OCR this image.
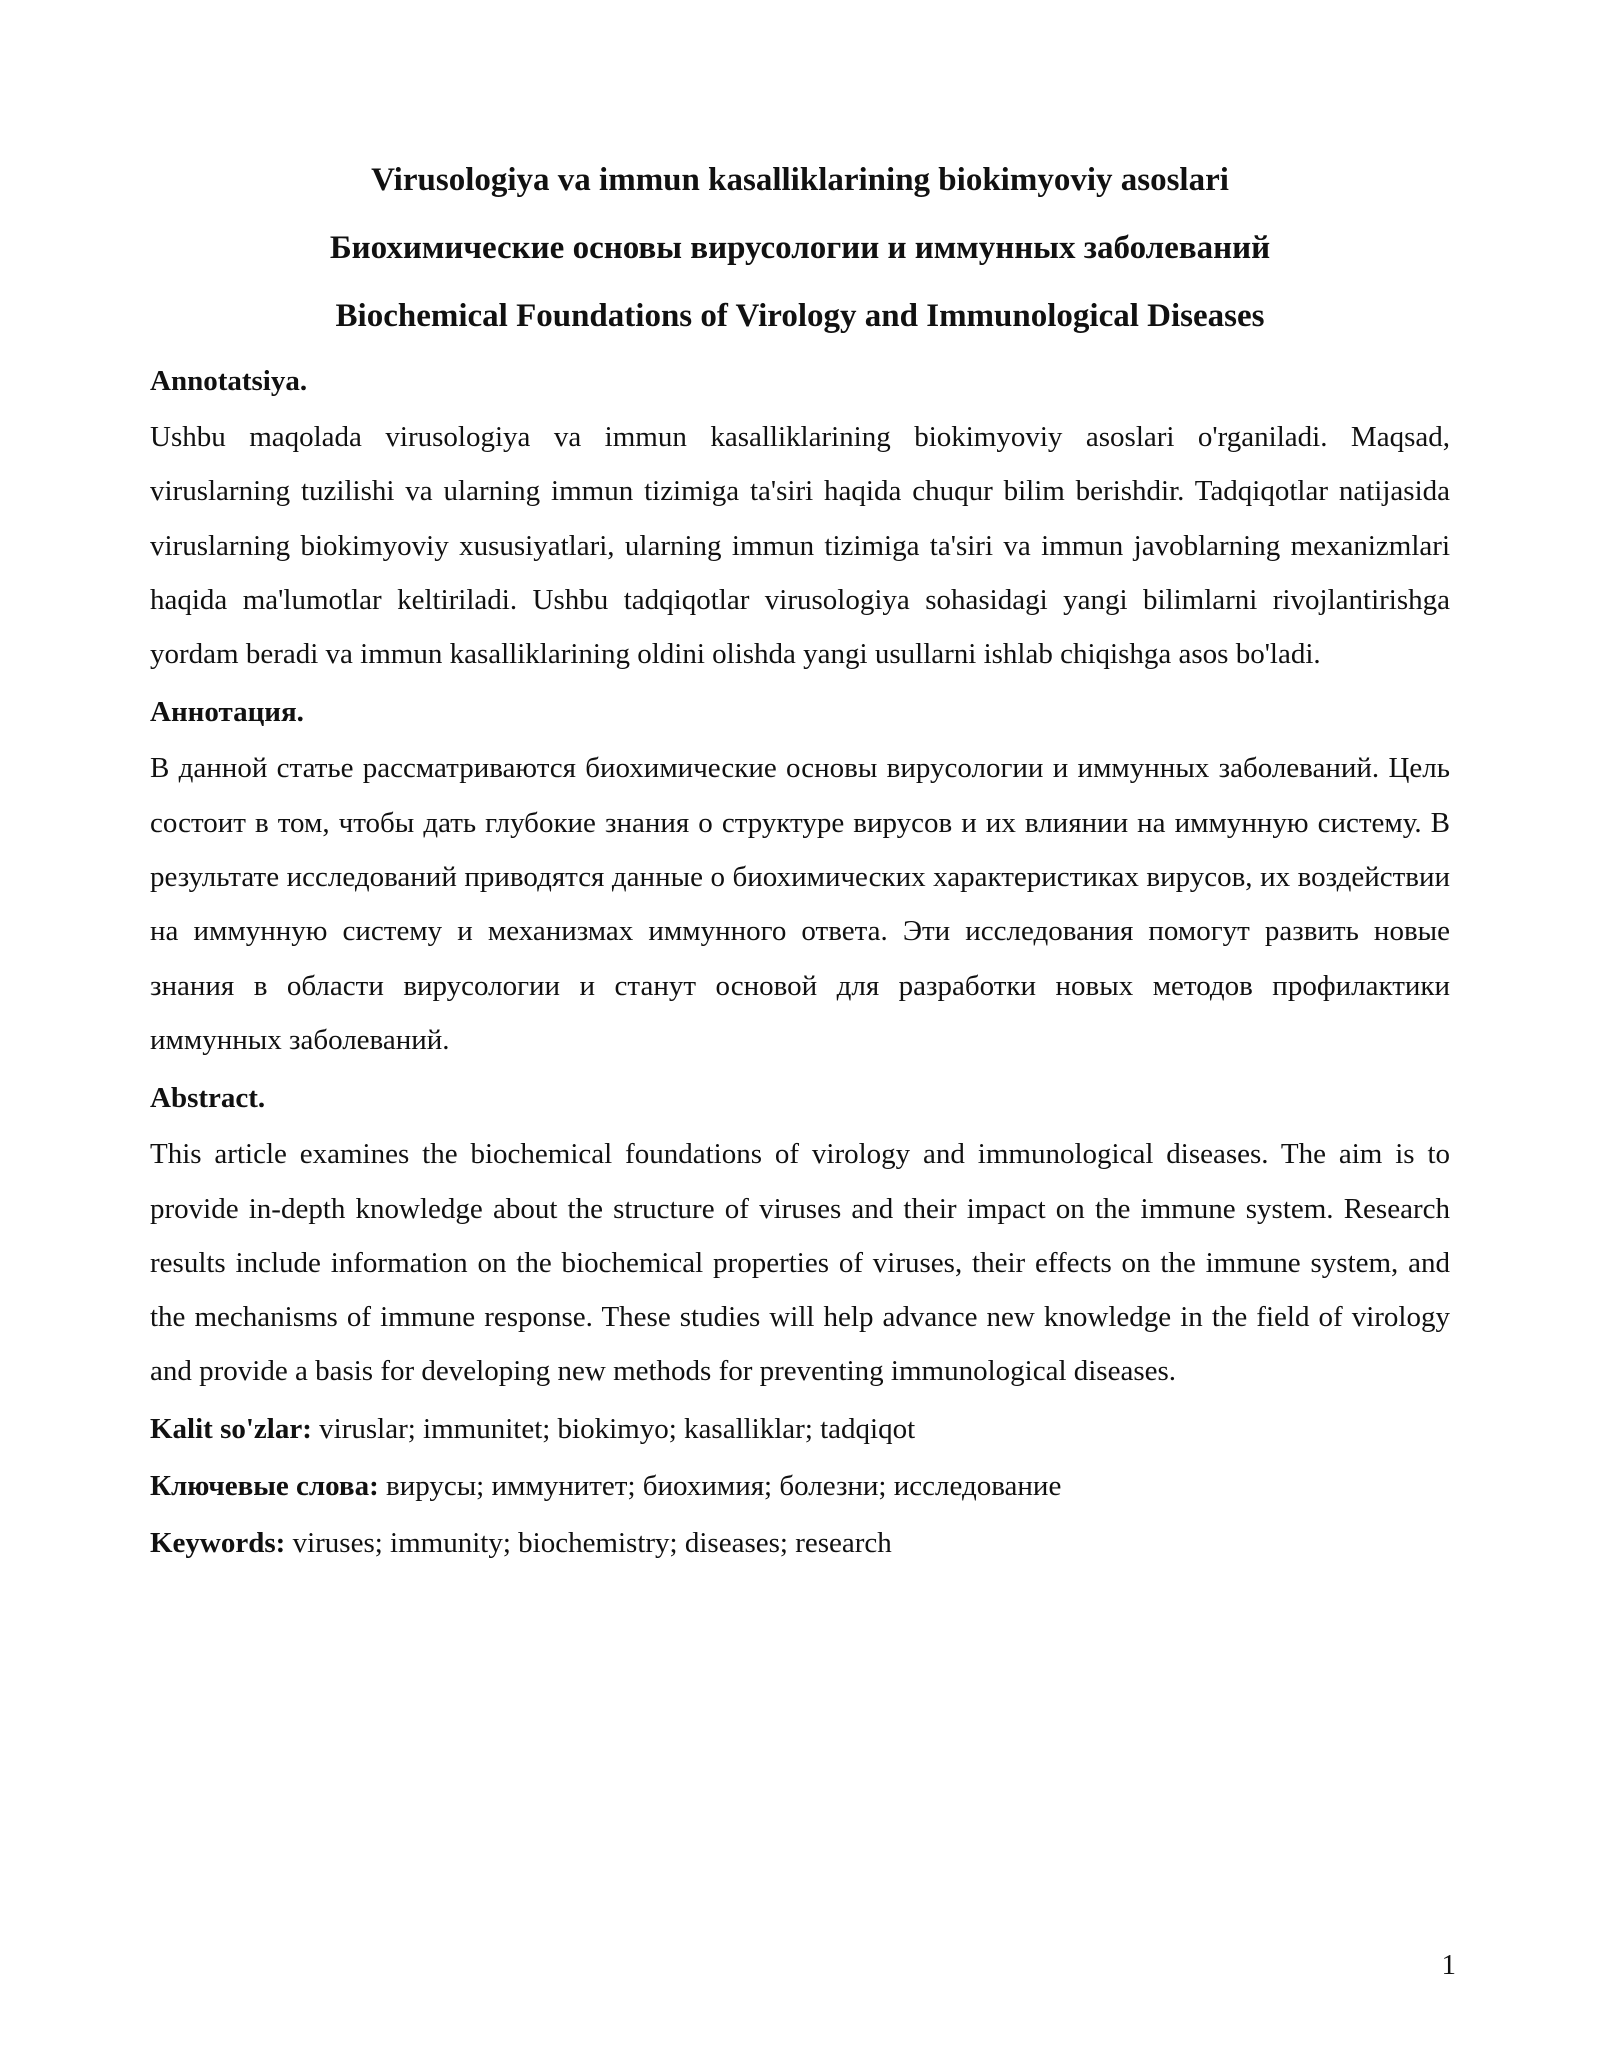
Virusologiya va immun kasalliklarining biokimyoviy asoslari

Биохимические основы вирусологии и иммунных заболеваний

Biochemical Foundations of Virology and Immunological Diseases

Annotatsiya.

Ushbu maqolada virusologiya va immun kasalliklarining biokimyoviy asoslari o'rganiladi. Maqsad, viruslarning tuzilishi va ularning immun tizimiga ta'siri haqida chuqur bilim berishdir. Tadqiqotlar natijasida viruslarning biokimyoviy xususiyatlari, ularning immun tizimiga ta'siri va immun javoblarning mexanizmlari haqida ma'lumotlar keltiriladi. Ushbu tadqiqotlar virusologiya sohasidagi yangi bilimlarni rivojlantirishga yordam beradi va immun kasalliklarining oldini olishda yangi usullarni ishlab chiqishga asos bo'ladi.

Аннотация.

В данной статье рассматриваются биохимические основы вирусологии и иммунных заболеваний. Цель состоит в том, чтобы дать глубокие знания о структуре вирусов и их влиянии на иммунную систему. В результате исследований приводятся данные о биохимических характеристиках вирусов, их воздействии на иммунную систему и механизмах иммунного ответа. Эти исследования помогут развить новые знания в области вирусологии и станут основой для разработки новых методов профилактики иммунных заболеваний.

Abstract.

This article examines the biochemical foundations of virology and immunological diseases. The aim is to provide in-depth knowledge about the structure of viruses and their impact on the immune system. Research results include information on the biochemical properties of viruses, their effects on the immune system, and the mechanisms of immune response. These studies will help advance new knowledge in the field of virology and provide a basis for developing new methods for preventing immunological diseases.

Kalit so'zlar: viruslar; immunitet; biokimyo; kasalliklar; tadqiqot

Ключевые слова: вирусы; иммунитет; биохимия; болезни; исследование

Keywords: viruses; immunity; biochemistry; diseases; research

1
